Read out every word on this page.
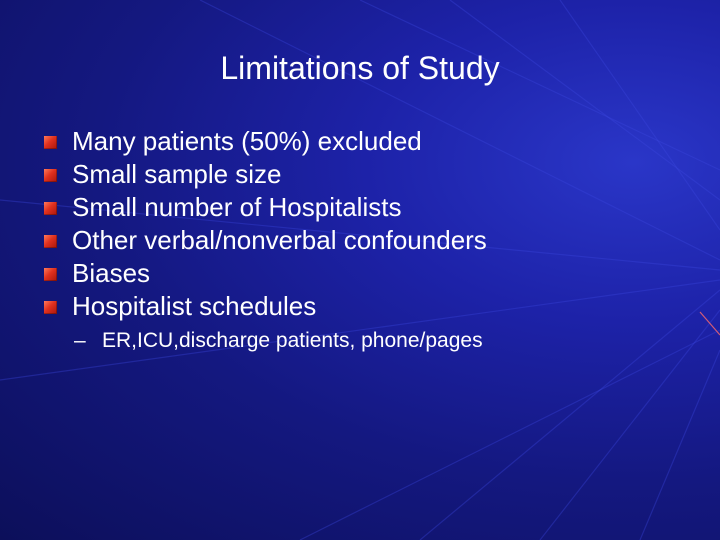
Limitations of Study
Many patients (50%) excluded
Small sample size
Small number of Hospitalists
Other verbal/nonverbal confounders
Biases
Hospitalist schedules
– ER,ICU,discharge patients, phone/pages
